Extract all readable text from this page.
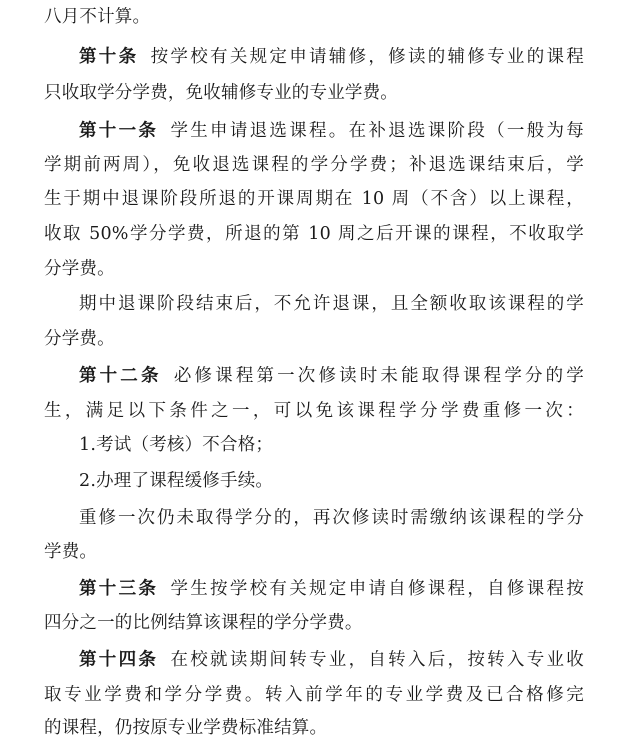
八月不计算。
第十条 按学校有关规定申请辅修，修读的辅修专业的课程
只收取学分学费，免收辅修专业的专业学费。
第十一条 学生申请退选课程。在补退选课阶段（一般为每
学期前两周），免收退选课程的学分学费；补退选课结束后，学
生于期中退课阶段所退的开课周期在 10 周（不含）以上课程，
收取 50%学分学费，所退的第 10 周之后开课的课程，不收取学
分学费。
期中退课阶段结束后，不允许退课，且全额收取该课程的学
分学费。
第十二条 必修课程第一次修读时未能取得课程学分的学
生，满足以下条件之一，可以免该课程学分学费重修一次：
1.考试（考核）不合格；
2.办理了课程缓修手续。
重修一次仍未取得学分的，再次修读时需缴纳该课程的学分
学费。
第十三条 学生按学校有关规定申请自修课程，自修课程按
四分之一的比例结算该课程的学分学费。
第十四条 在校就读期间转专业，自转入后，按转入专业收
取专业学费和学分学费。转入前学年的专业学费及已合格修完
的课程，仍按原专业学费标准结算。
